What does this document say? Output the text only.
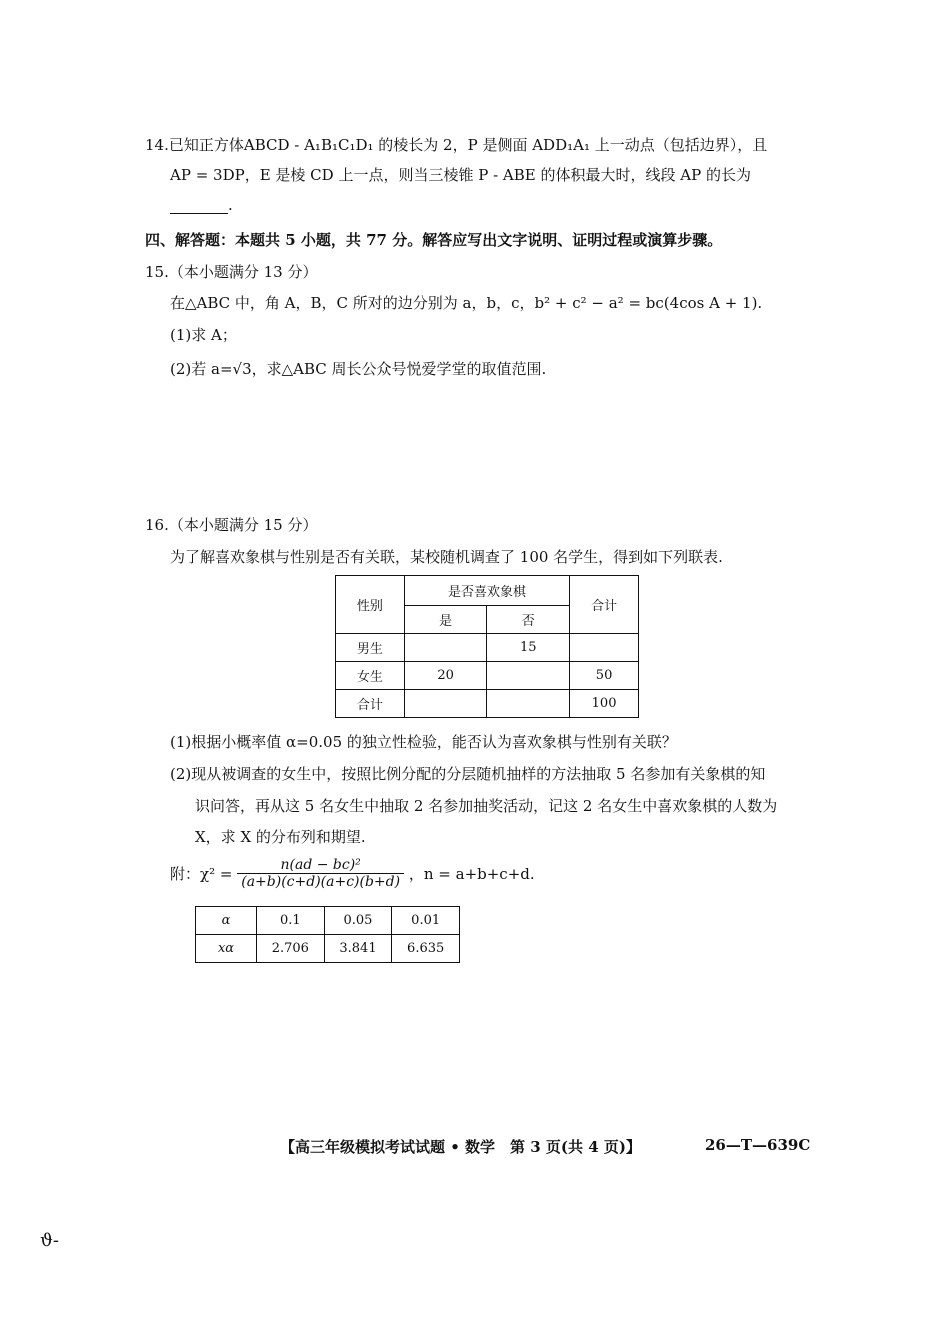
14.已知正方体ABCD - A₁B₁C₁D₁ 的棱长为 2，P 是侧面 ADD₁A₁ 上一动点（包括边界），且
AP = 3DP，E 是棱 CD 上一点，则当三棱锥 P - ABE 的体积最大时，线段 AP 的长为
.
四、解答题：本题共 5 小题，共 77 分。解答应写出文字说明、证明过程或演算步骤。
15.（本小题满分 13 分）
在△ABC 中，角 A，B，C 所对的边分别为 a，b，c，b² + c² − a² = bc(4cos A + 1).
(1)求 A；
(2)若 a=√3，求△ABC 周长公众号悦爱学堂的取值范围.
16.（本小题满分 15 分）
为了解喜欢象棋与性别是否有关联，某校随机调查了 100 名学生，得到如下列联表.
性别	是否喜欢象棋		合计
	是	否	
男生		15	
女生	20		50
合计			100
(1)根据小概率值 α=0.05 的独立性检验，能否认为喜欢象棋与性别有关联？
(2)现从被调查的女生中，按照比例分配的分层随机抽样的方法抽取 5 名参加有关象棋的知
识问答，再从这 5 名女生中抽取 2 名参加抽奖活动，记这 2 名女生中喜欢象棋的人数为
X，求 X 的分布列和期望.
附：$\chi^2 = \frac{\text{n(ad − bc)²}}{(a+b)(c+d)(a+c)(b+d)}$ ，n = a+b+c+d.
α	0.1	0.05	0.01
xα	2.706	3.841	6.635
【高三年级模拟考试试题 • 数学　第 3 页(共 4 页)】	26—T—639C
ϑ-
